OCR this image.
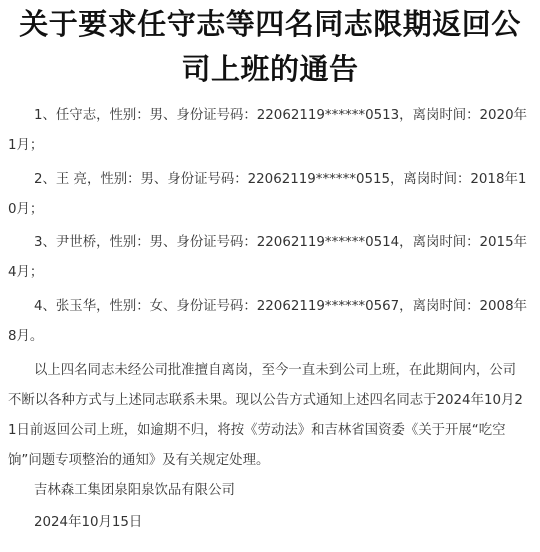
关于要求任守志等四名同志限期返回公
司上班的通告
1、任守志，性别：男、身份证号码：22062119******0513，离岗时间：2020年1月；
2、王 亮，性别：男、身份证号码：22062119******0515，离岗时间：2018年10月；
3、尹世桥，性别：男、身份证号码：22062119******0514，离岗时间：2015年4月；
4、张玉华，性别：女、身份证号码：22062119******0567，离岗时间：2008年8月。
以上四名同志未经公司批准擅自离岗，至今一直未到公司上班，在此期间内，公司不断以各种方式与上述同志联系未果。现以公告方式通知上述四名同志于2024年10月21日前返回公司上班，如逾期不归，将按《劳动法》和吉林省国资委《关于开展“吃空饷”问题专项整治的通知》及有关规定处理。
吉林森工集团泉阳泉饮品有限公司
2024年10月15日
